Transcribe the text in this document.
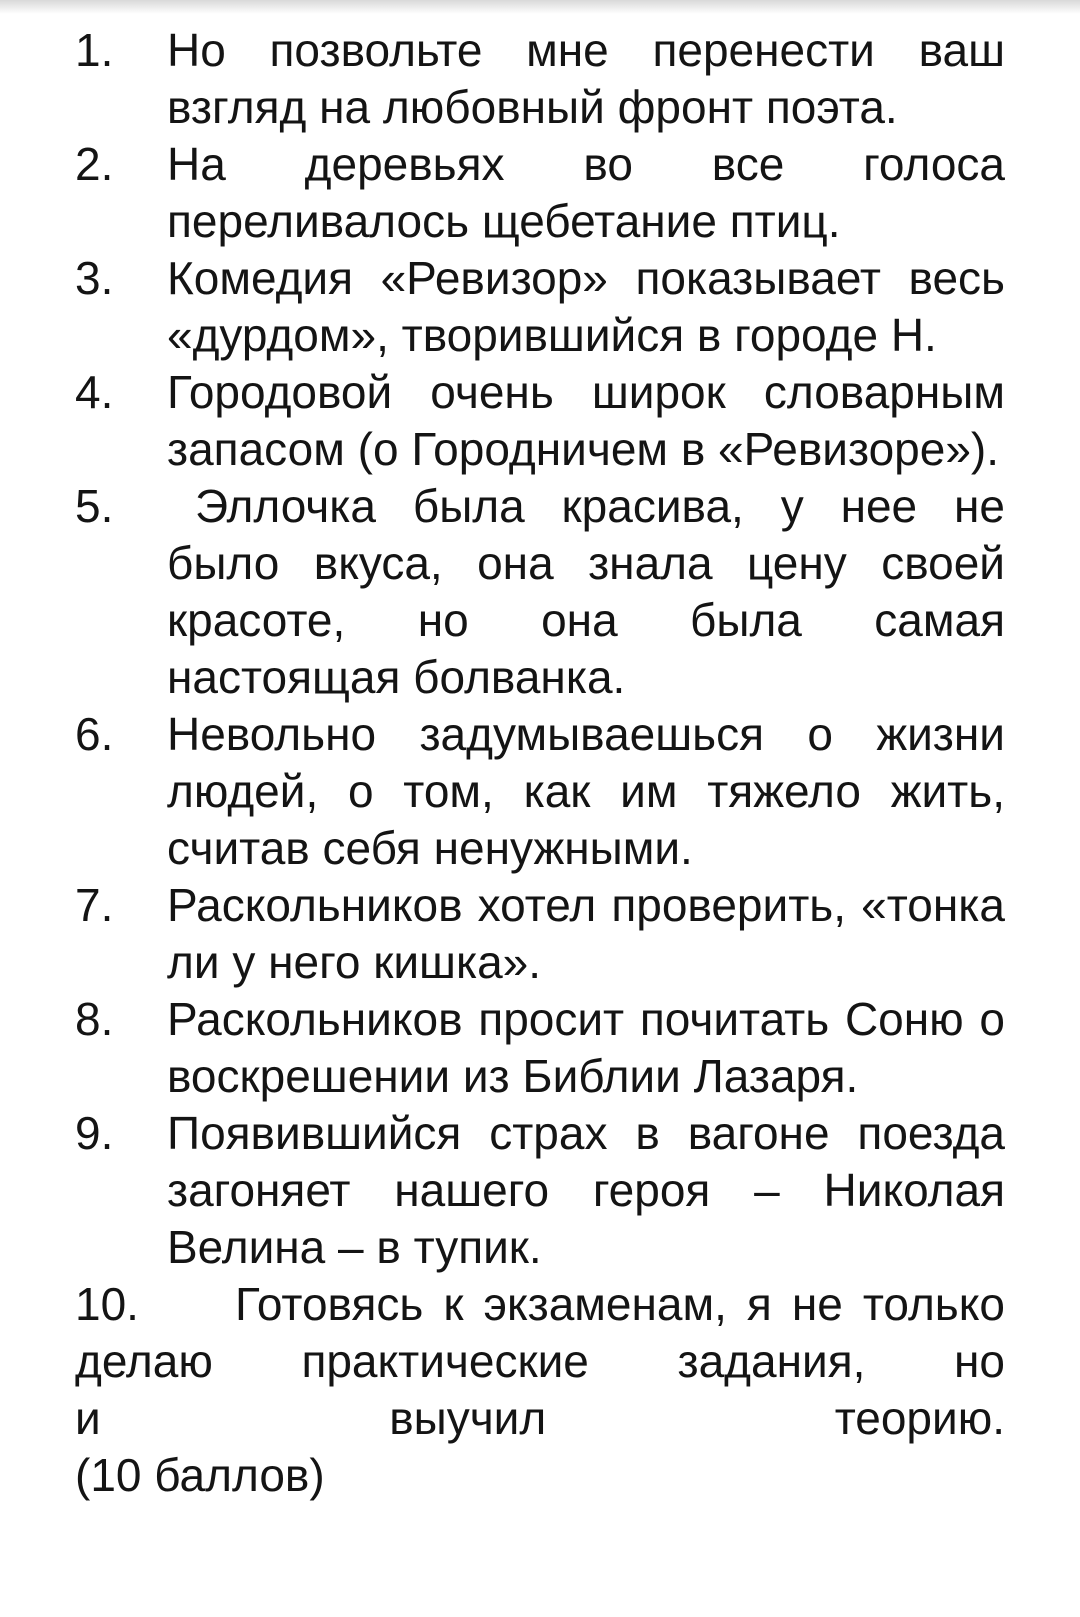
1. Но позвольте мне перенести ваш взгляд на любовный фронт поэта.
2. На деревьях во все голоса переливалось щебетание птиц.
3. Комедия «Ревизор» показывает весь «дурдом», творившийся в городе Н.
4. Городовой очень широк словарным запасом (о Городничем в «Ревизоре»).
5. Эллочка была красива, у нее не было вкуса, она знала цену своей красоте, но она была самая настоящая болванка.
6. Невольно задумываешься о жизни людей, о том, как им тяжело жить, считав себя ненужными.
7. Раскольников хотел проверить, «тонка ли у него кишка».
8. Раскольников просит почитать Соню о воскрешении из Библии Лазаря.
9. Появившийся страх в вагоне поезда загоняет нашего героя – Николая Велина – в тупик.
10. Готовясь к экзаменам, я не только делаю практические задания, но
и	выучил	теорию.
(10 баллов)
